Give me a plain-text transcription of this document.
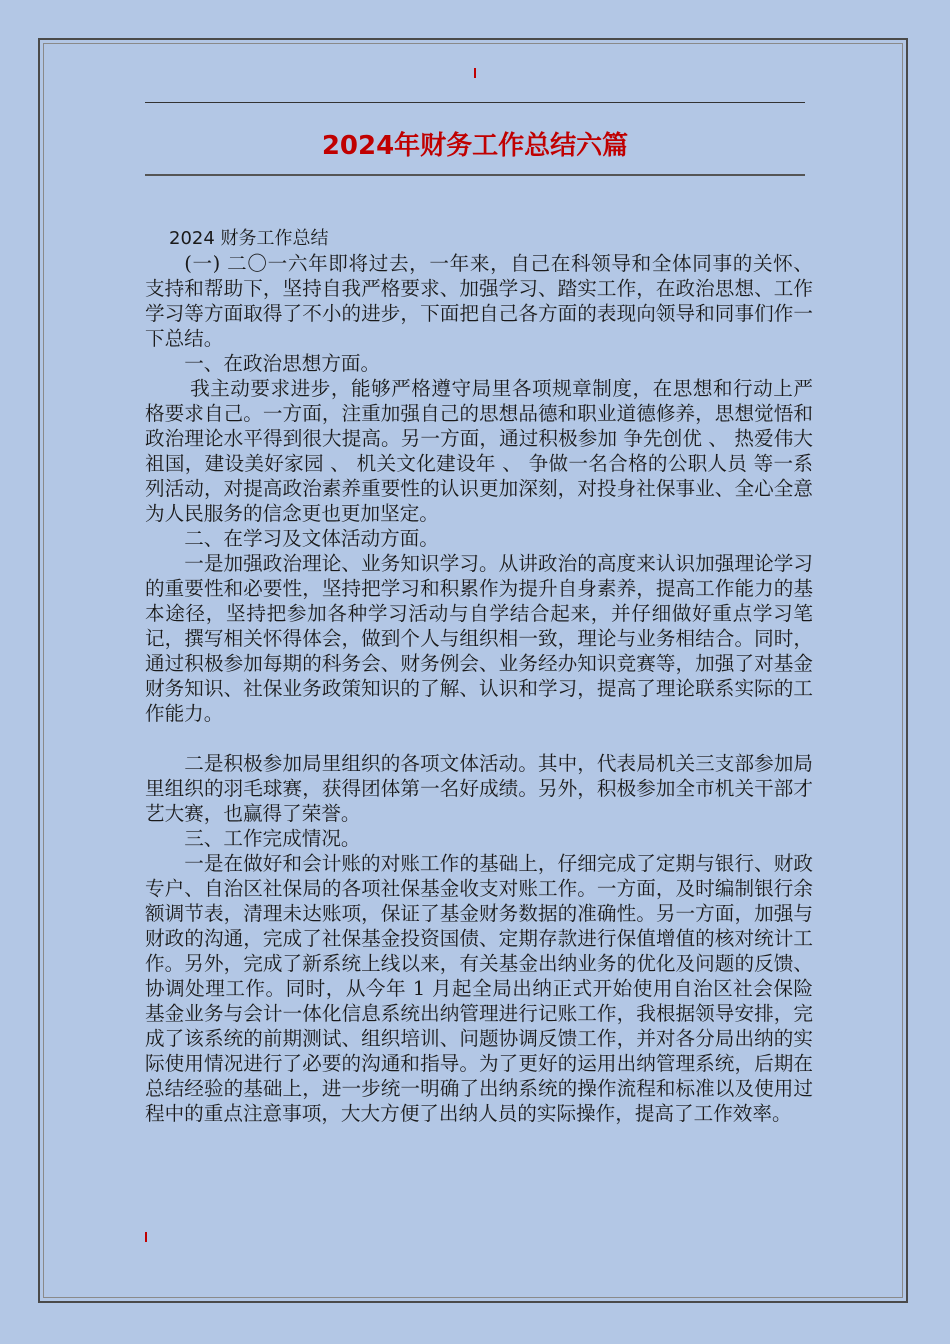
2024年财务工作总结六篇

2024 财务工作总结

(一) 二〇一六年即将过去，一年来，自己在科领导和全体同事的关怀、支持和帮助下，坚持自我严格要求、加强学习、踏实工作，在政治思想、工作学习等方面取得了不小的进步，下面把自己各方面的表现向领导和同事们作一下总结。

一、在政治思想方面。

我主动要求进步，能够严格遵守局里各项规章制度，在思想和行动上严格要求自己。一方面，注重加强自己的思想品德和职业道德修养，思想觉悟和政治理论水平得到很大提高。另一方面，通过积极参加 争先创优 、 热爱伟大祖国，建设美好家园 、 机关文化建设年 、 争做一名合格的公职人员 等一系列活动，对提高政治素养重要性的认识更加深刻，对投身社保事业、全心全意为人民服务的信念更也更加坚定。

二、在学习及文体活动方面。

一是加强政治理论、业务知识学习。从讲政治的高度来认识加强理论学习的重要性和必要性，坚持把学习和积累作为提升自身素养，提高工作能力的基本途径，坚持把参加各种学习活动与自学结合起来，并仔细做好重点学习笔记，撰写相关怀得体会，做到个人与组织相一致，理论与业务相结合。同时，通过积极参加每期的科务会、财务例会、业务经办知识竞赛等，加强了对基金财务知识、社保业务政策知识的了解、认识和学习，提高了理论联系实际的工作能力。

二是积极参加局里组织的各项文体活动。其中，代表局机关三支部参加局里组织的羽毛球赛，获得团体第一名好成绩。另外，积极参加全市机关干部才艺大赛，也赢得了荣誉。

三、工作完成情况。

一是在做好和会计账的对账工作的基础上，仔细完成了定期与银行、财政专户、自治区社保局的各项社保基金收支对账工作。一方面，及时编制银行余额调节表，清理未达账项，保证了基金财务数据的准确性。另一方面，加强与财政的沟通，完成了社保基金投资国债、定期存款进行保值增值的核对统计工作。另外，完成了新系统上线以来，有关基金出纳业务的优化及问题的反馈、协调处理工作。同时，从今年 1 月起全局出纳正式开始使用自治区社会保险基金业务与会计一体化信息系统出纳管理进行记账工作，我根据领导安排，完成了该系统的前期测试、组织培训、问题协调反馈工作，并对各分局出纳的实际使用情况进行了必要的沟通和指导。为了更好的运用出纳管理系统，后期在总结经验的基础上，进一步统一明确了出纳系统的操作流程和标准以及使用过程中的重点注意事项，大大方便了出纳人员的实际操作，提高了工作效率。
